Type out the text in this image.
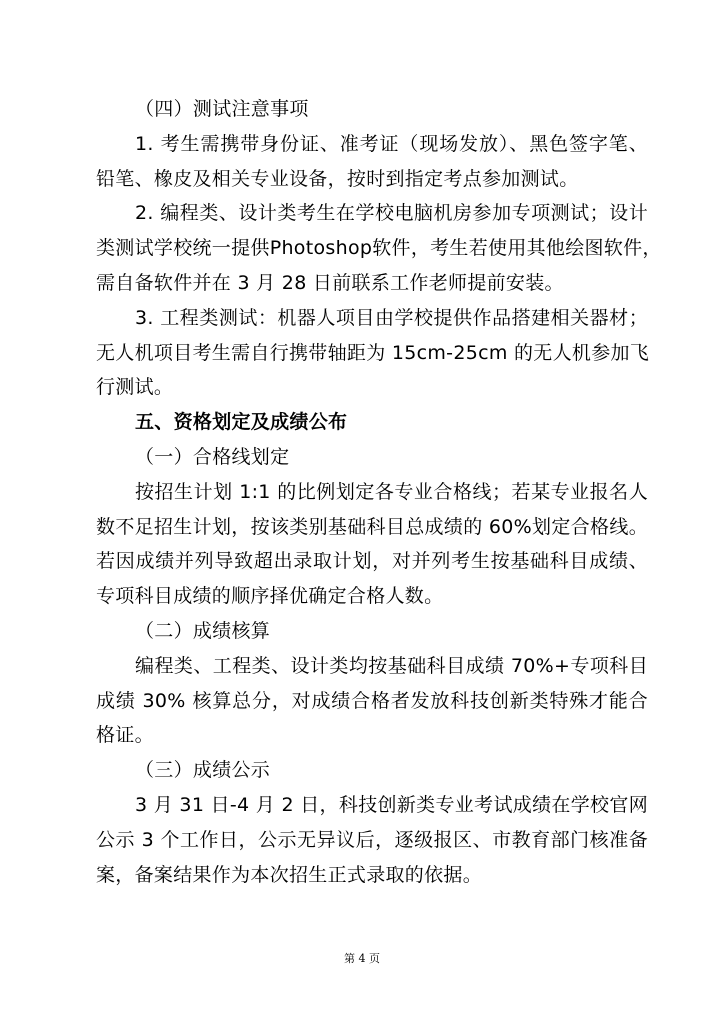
（四）测试注意事项
1. 考生需携带身份证、准考证（现场发放）、黑色签字笔、
铅笔、橡皮及相关专业设备，按时到指定考点参加测试。
2. 编程类、设计类考生在学校电脑机房参加专项测试；设计
类测试学校统一提供Photoshop软件，考生若使用其他绘图软件，
需自备软件并在 3 月 28 日前联系工作老师提前安装。
3. 工程类测试：机器人项目由学校提供作品搭建相关器材；
无人机项目考生需自行携带轴距为 15cm-25cm 的无人机参加飞
行测试。
五、资格划定及成绩公布
（一）合格线划定
按招生计划 1:1 的比例划定各专业合格线；若某专业报名人
数不足招生计划，按该类别基础科目总成绩的 60%划定合格线。
若因成绩并列导致超出录取计划，对并列考生按基础科目成绩、
专项科目成绩的顺序择优确定合格人数。
（二）成绩核算
编程类、工程类、设计类均按基础科目成绩 70%+专项科目
成绩 30% 核算总分，对成绩合格者发放科技创新类特殊才能合
格证。
（三）成绩公示
3 月 31 日-4 月 2 日，科技创新类专业考试成绩在学校官网
公示 3 个工作日，公示无异议后，逐级报区、市教育部门核准备
案，备案结果作为本次招生正式录取的依据。
第 4 页
